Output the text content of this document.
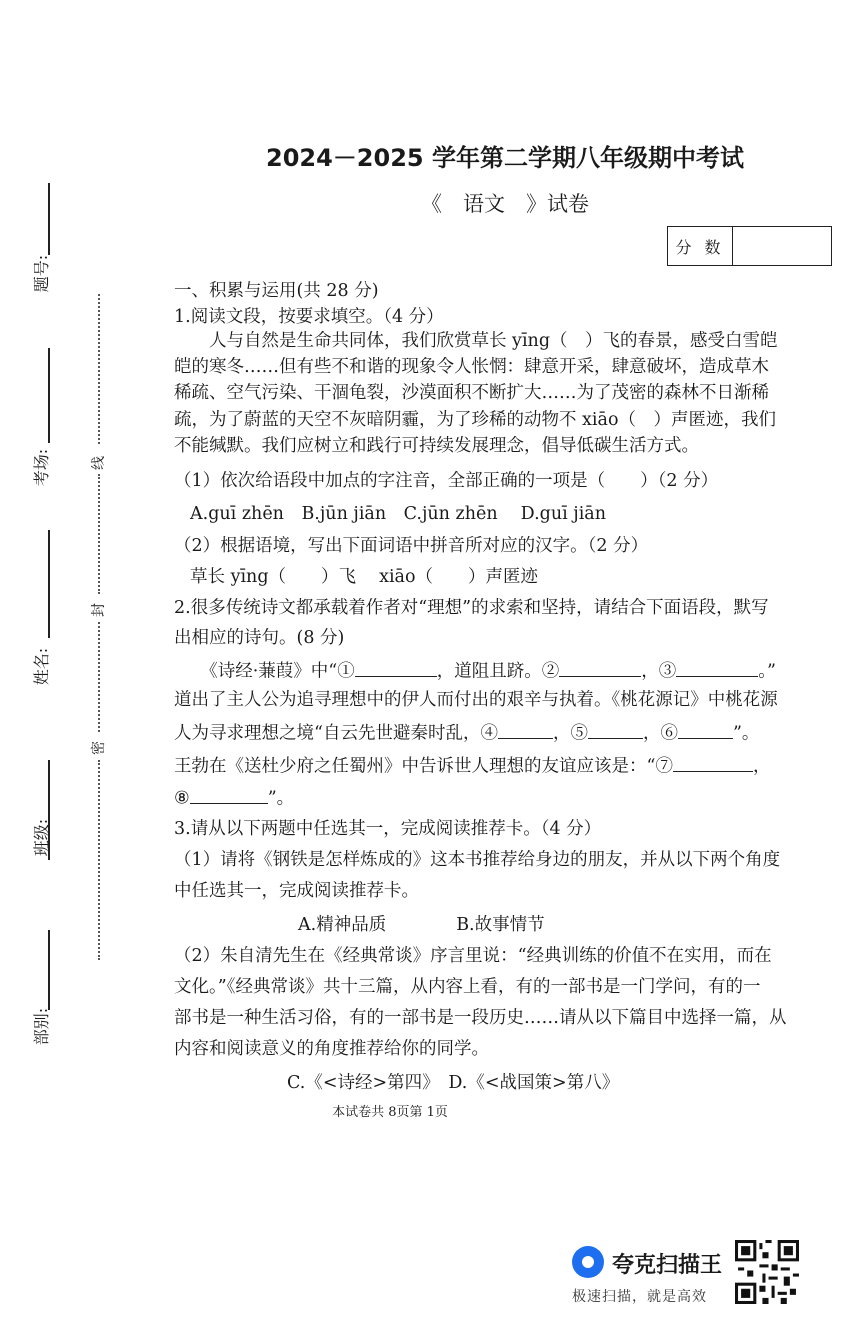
2024－2025 学年第二学期八年级期中考试
《　语文　》试卷
分 数
题号:
考场:
姓名:
班级:
部别:
线
封
密
一、积累与运用(共 28 分)
1.阅读文段，按要求填空。（4 分）
　　人与自然是生命共同体，我们欣赏草长 yīng（　）飞的春景，感受白雪皑
皑的寒冬……但有些不和谐的现象令人怅惘：肆意开采，肆意破坏，造成草木
稀疏、空气污染、干涸龟裂，沙漠面积不断扩大……为了茂密的森林不日渐稀
疏，为了蔚蓝的天空不灰暗阴霾，为了珍稀的动物不 xiāo（　）声匿迹，我们
不能缄默。我们应树立和践行可持续发展理念，倡导低碳生活方式。
（1）依次给语段中加点的字注音，全部正确的一项是（　　）（2 分）
A.guī zhēn　B.jūn jiān　C.jūn zhēn　 D.guī jiān
（2）根据语境，写出下面词语中拼音所对应的汉字。（2 分）
草长 yīng（　　）飞　 xiāo（　　）声匿迹
2.很多传统诗文都承载着作者对“理想”的求索和坚持，请结合下面语段，默写
出相应的诗句。(8 分)
　　《诗经·蒹葭》中“①	，道阻且跻。②	，③	。”
道出了主人公为追寻理想中的伊人而付出的艰辛与执着。《桃花源记》中桃花源
人为寻求理想之境“自云先世避秦时乱，④	，⑤	，⑥	”。
王勃在《送杜少府之任蜀州》中告诉世人理想的友谊应该是：“⑦	，
⑧	”。
3.请从以下两题中任选其一，完成阅读推荐卡。（4 分）
（1）请将《钢铁是怎样炼成的》这本书推荐给身边的朋友，并从以下两个角度
中任选其一，完成阅读推荐卡。
A.精神品质　　　　B.故事情节
（2）朱自清先生在《经典常谈》序言里说：“经典训练的价值不在实用，而在
文化。”《经典常谈》共十三篇，从内容上看，有的一部书是一门学问，有的一
部书是一种生活习俗，有的一部书是一段历史……请从以下篇目中选择一篇，从
内容和阅读意义的角度推荐给你的同学。
C.《<诗经>第四》　D.《<战国策>第八》
本试卷共 8页第 1页
夸克扫描王
极速扫描，就是高效
